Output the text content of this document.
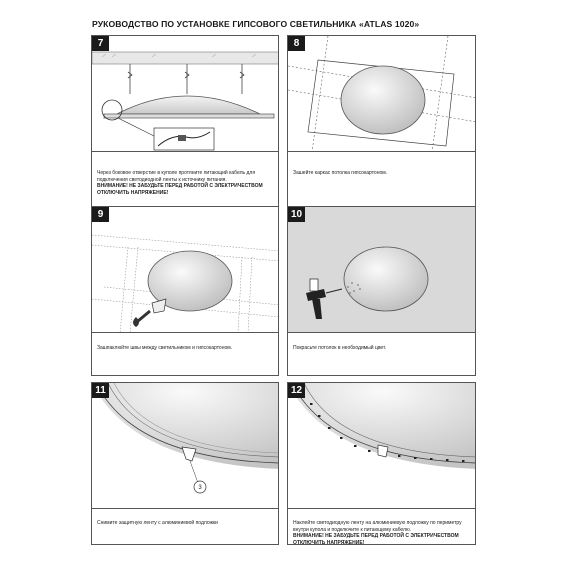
РУКОВОДСТВО ПО УСТАНОВКЕ ГИПСОВОГО СВЕТИЛЬНИКА «ATLAS 1020»

Через боковое отверстие в куполе протяните питающий кабель для подключения светодиодной ленты к источнику питания.

ВНИМАНИЕ! НЕ ЗАБУДЬТЕ ПЕРЕД РАБОТОЙ С ЭЛЕКТРИЧЕСТВОМ ОТКЛЮЧИТЬ НАПРЯЖЕНИЕ!

7

Зашейте каркас потолка гипсокартоном.

8

Зашпаклюйте швы между светильником и гипсокартоном.

9

Покрасьте потолок в необходимый цвет.

10
3

Снимите защитную ленту с алюминиевой подложки

11

Наклейте светодиодную ленту на алюминиевую подложку по периметру внутри купола и подключите к питающему кабелю.

ВНИМАНИЕ! НЕ ЗАБУДЬТЕ ПЕРЕД РАБОТОЙ С ЭЛЕКТРИЧЕСТВОМ ОТКЛЮЧИТЬ НАПРЯЖЕНИЕ!

12
